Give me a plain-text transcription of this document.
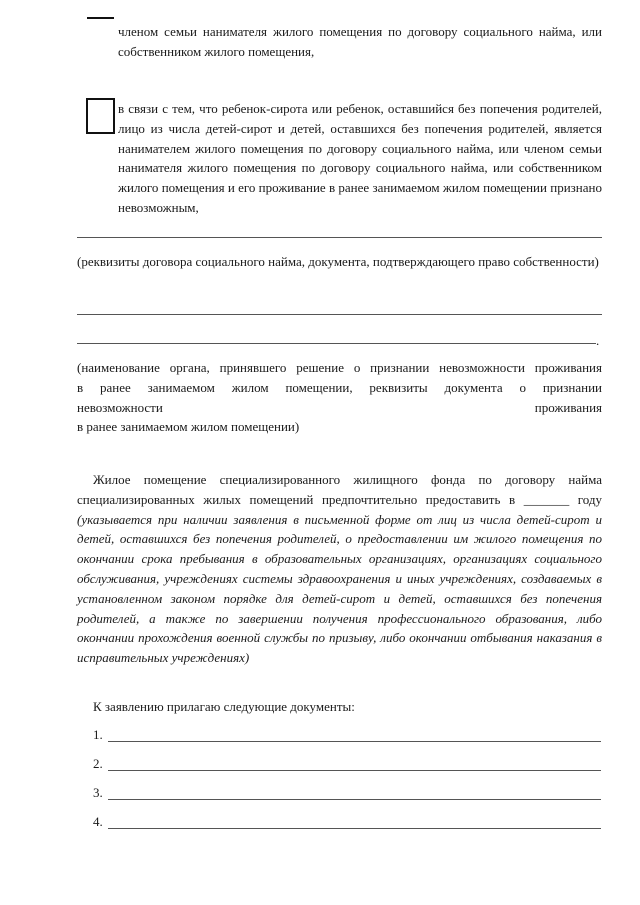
членом семьи нанимателя жилого помещения по договору социального найма, или собственником жилого помещения,
в связи с тем, что ребенок-сирота или ребенок, оставшийся без попечения родителей, лицо из числа детей-сирот и детей, оставшихся без попечения родителей, является нанимателем жилого помещения по договору социального найма, или членом семьи нанимателя жилого помещения по договору социального найма, или собственником жилого помещения и его проживание в ранее занимаемом жилом помещении признано невозможным,
(реквизиты договора социального найма, документа, подтверждающего право собственности)
.
(наименование органа, принявшего решение о признании невозможности проживания
в ранее занимаемом жилом помещении, реквизиты документа о признании
невозможности	проживания
в ранее занимаемом жилом помещении)
Жилое помещение специализированного жилищного фонда по договору найма специализированных жилых помещений предпочтительно предоставить в _______ году (указывается при наличии заявления в письменной форме от лиц из числа детей-сирот и детей, оставшихся без попечения родителей, о предоставлении им жилого помещения по окончании срока пребывания в образовательных организациях, организациях социального обслуживания, учреждениях системы здравоохранения и иных учреждениях, создаваемых в установленном законом порядке для детей-сирот и детей, оставшихся без попечения родителей, а также по завершении получения профессионального образования, либо окончании прохождения военной службы по призыву, либо окончании отбывания наказания в исправительных учреждениях)
К заявлению прилагаю следующие документы:
1.
2.
3.
4.
